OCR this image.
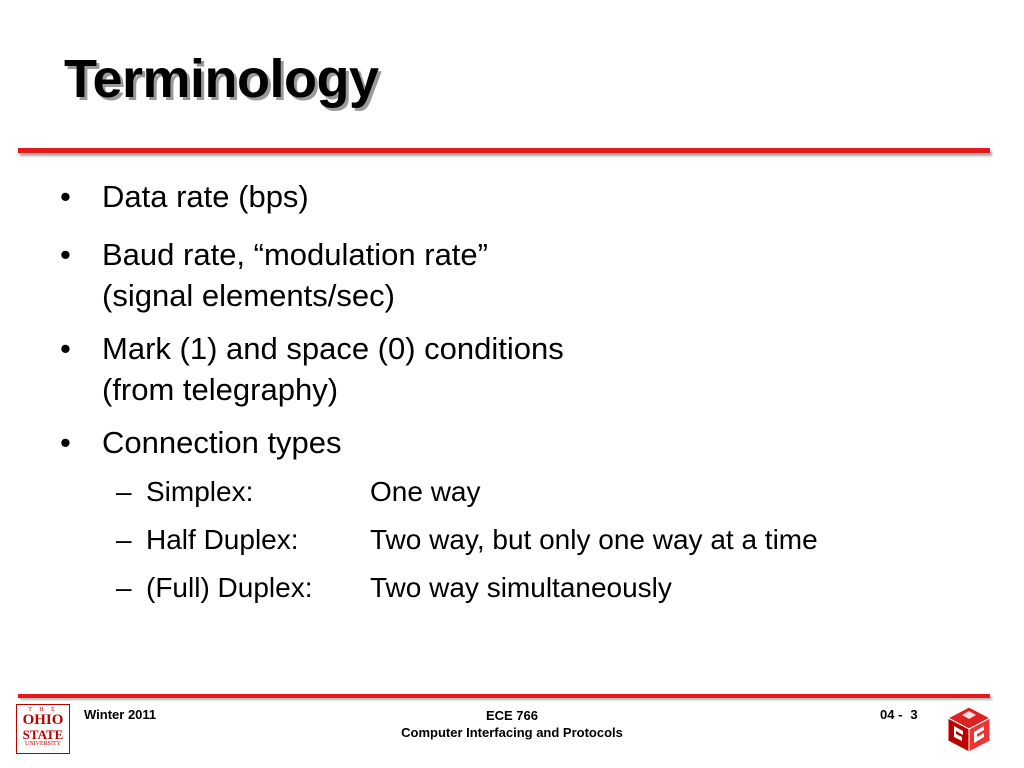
Terminology
• Data rate (bps)
• Baud rate, “modulation rate”
(signal elements/sec)
• Mark (1) and space (0) conditions
(from telegraphy)
• Connection types
– Simplex:	One way
– Half Duplex:	Two way, but only one way at a time
– (Full) Duplex: Two way simultaneously
T H E
OHIO
STATE
UNIVERSITY
Winter 2011	ECE 766
Computer Interfacing and Protocols
04 - 3
